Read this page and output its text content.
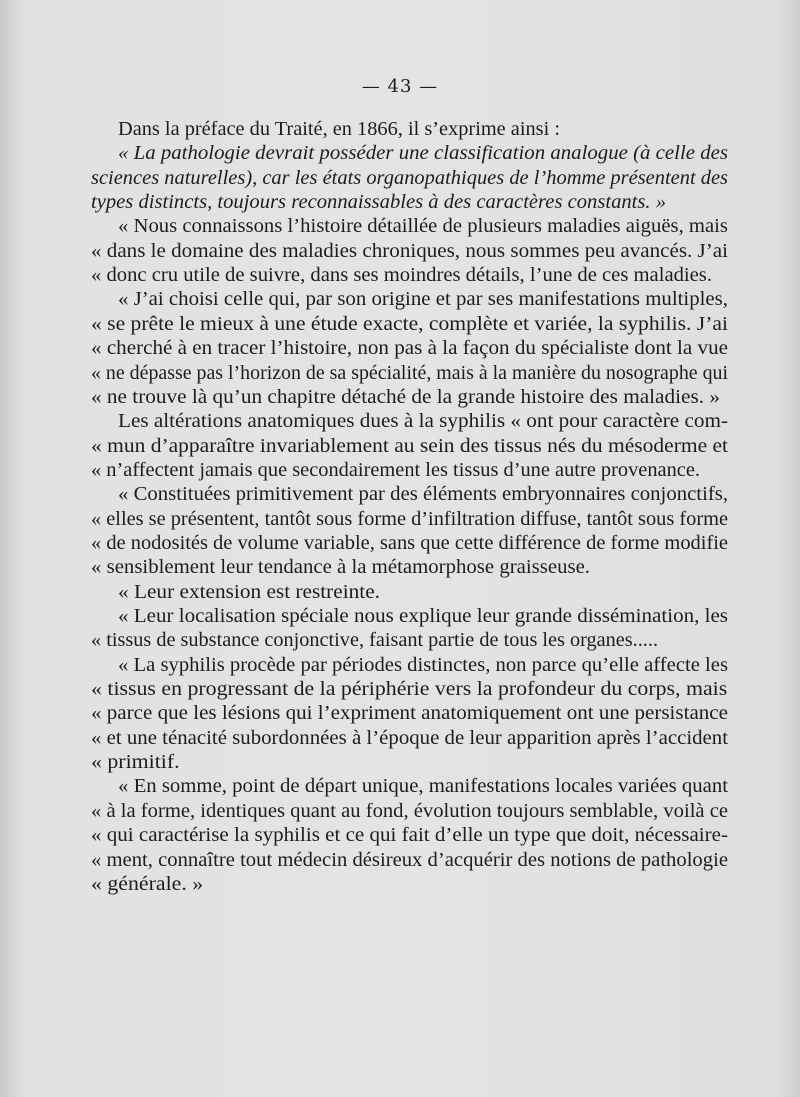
— 43 —
Dans la préface du Traité, en 1866, il s’exprime ainsi :
« La pathologie devrait posséder une classification analogue (à celle des
sciences naturelles), car les états organopathiques de l’homme présentent des
types distincts, toujours reconnaissables à des caractères constants. »
« Nous connaissons l’histoire détaillée de plusieurs maladies aiguës, mais
« dans le domaine des maladies chroniques, nous sommes peu avancés. J’ai
« donc cru utile de suivre, dans ses moindres détails, l’une de ces maladies.
« J’ai choisi celle qui, par son origine et par ses manifestations multiples,
« se prête le mieux à une étude exacte, complète et variée, la syphilis. J’ai
« cherché à en tracer l’histoire, non pas à la façon du spécialiste dont la vue
« ne dépasse pas l’horizon de sa spécialité, mais à la manière du nosographe qui
« ne trouve là qu’un chapitre détaché de la grande histoire des maladies. »
Les altérations anatomiques dues à la syphilis « ont pour caractère com-
« mun d’apparaître invariablement au sein des tissus nés du mésoderme et
« n’affectent jamais que secondairement les tissus d’une autre provenance.
« Constituées primitivement par des éléments embryonnaires conjonctifs,
« elles se présentent, tantôt sous forme d’infiltration diffuse, tantôt sous forme
« de nodosités de volume variable, sans que cette différence de forme modifie
« sensiblement leur tendance à la métamorphose graisseuse.
« Leur extension est restreinte.
« Leur localisation spéciale nous explique leur grande dissémination, les
« tissus de substance conjonctive, faisant partie de tous les organes.....
« La syphilis procède par périodes distinctes, non parce qu’elle affecte les
« tissus en progressant de la périphérie vers la profondeur du corps, mais
« parce que les lésions qui l’expriment anatomiquement ont une persistance
« et une ténacité subordonnées à l’époque de leur apparition après l’accident
« primitif.
« En somme, point de départ unique, manifestations locales variées quant
« à la forme, identiques quant au fond, évolution toujours semblable, voilà ce
« qui caractérise la syphilis et ce qui fait d’elle un type que doit, nécessaire-
« ment, connaître tout médecin désireux d’acquérir des notions de pathologie
« générale. »
